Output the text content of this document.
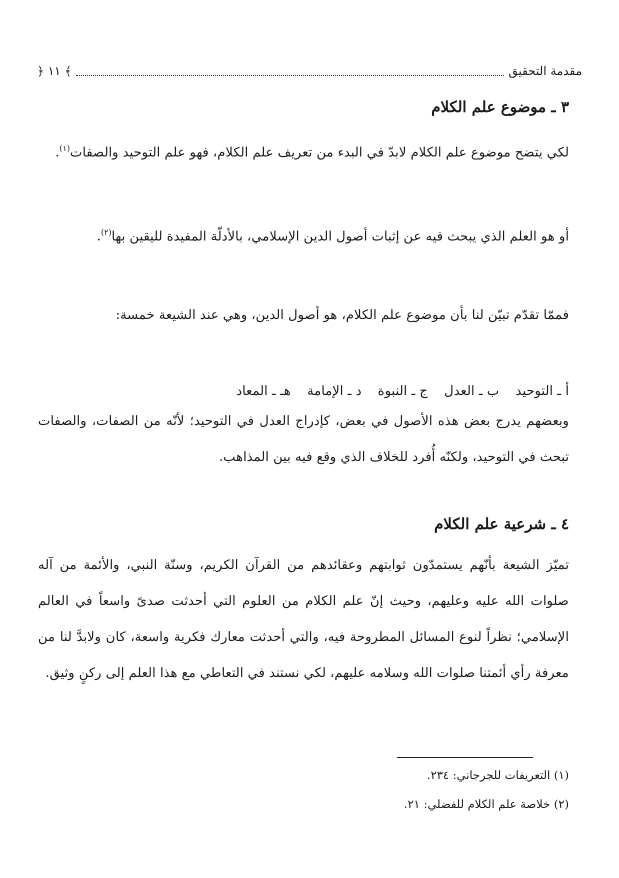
مقدمة التحقيق
﴾ ١١ ﴿
٣ ـ موضوع علم الكلام
لكي يتضح موضوع علم الكلام لابدّ في البدء من تعريف علم الكلام، فهو علم التوحيد والصفات$^{(١)}$.
أو هو العلم الذي يبحث فيه عن إثبات أصول الدين الإسلامي، بالأدلّة المفيدة لليقين بها$^{(٢)}$.
فممّا تقدّم تبيّن لنا بأن موضوع علم الكلام، هو أصول الدين، وهي عند الشيعة خمسة:
أ ـ التوحيد ب ـ العدل ج ـ النبوة د ـ الإمامة هـ ـ المعاد
وبعضهم يدرج بعض هذه الأصول في بعض، كإدراج العدل في التوحيد؛ لأنّه من الصفات، والصفات تبحث في التوحيد، ولكنّه أُفرد للخلاف الذي وقع فيه بين المذاهب.
٤ ـ شرعية علم الكلام
تميّز الشيعة بأنّهم يستمدّون ثوابتهم وعقائدهم من القرآن الكريم، وسنّة النبي، والأئمة من آله صلوات الله عليه وعليهم، وحيث إنّ علم الكلام من العلوم التي أحدثت صدىً واسعاً في العالم الإسلامي؛ نظراً لنوع المسائل المطروحة فيه، والتي أحدثت معارك فكرية واسعة، كان ولابدَّ لنا من معرفة رأي أئمتنا صلوات الله وسلامه عليهم، لكي نستند في التعاطي مع هذا العلم إلى ركنٍ وثيق.
(١) التعريفات للجرجاني: ٢٣٤.
(٢) خلاصة علم الكلام للفضلي: ٢١.
